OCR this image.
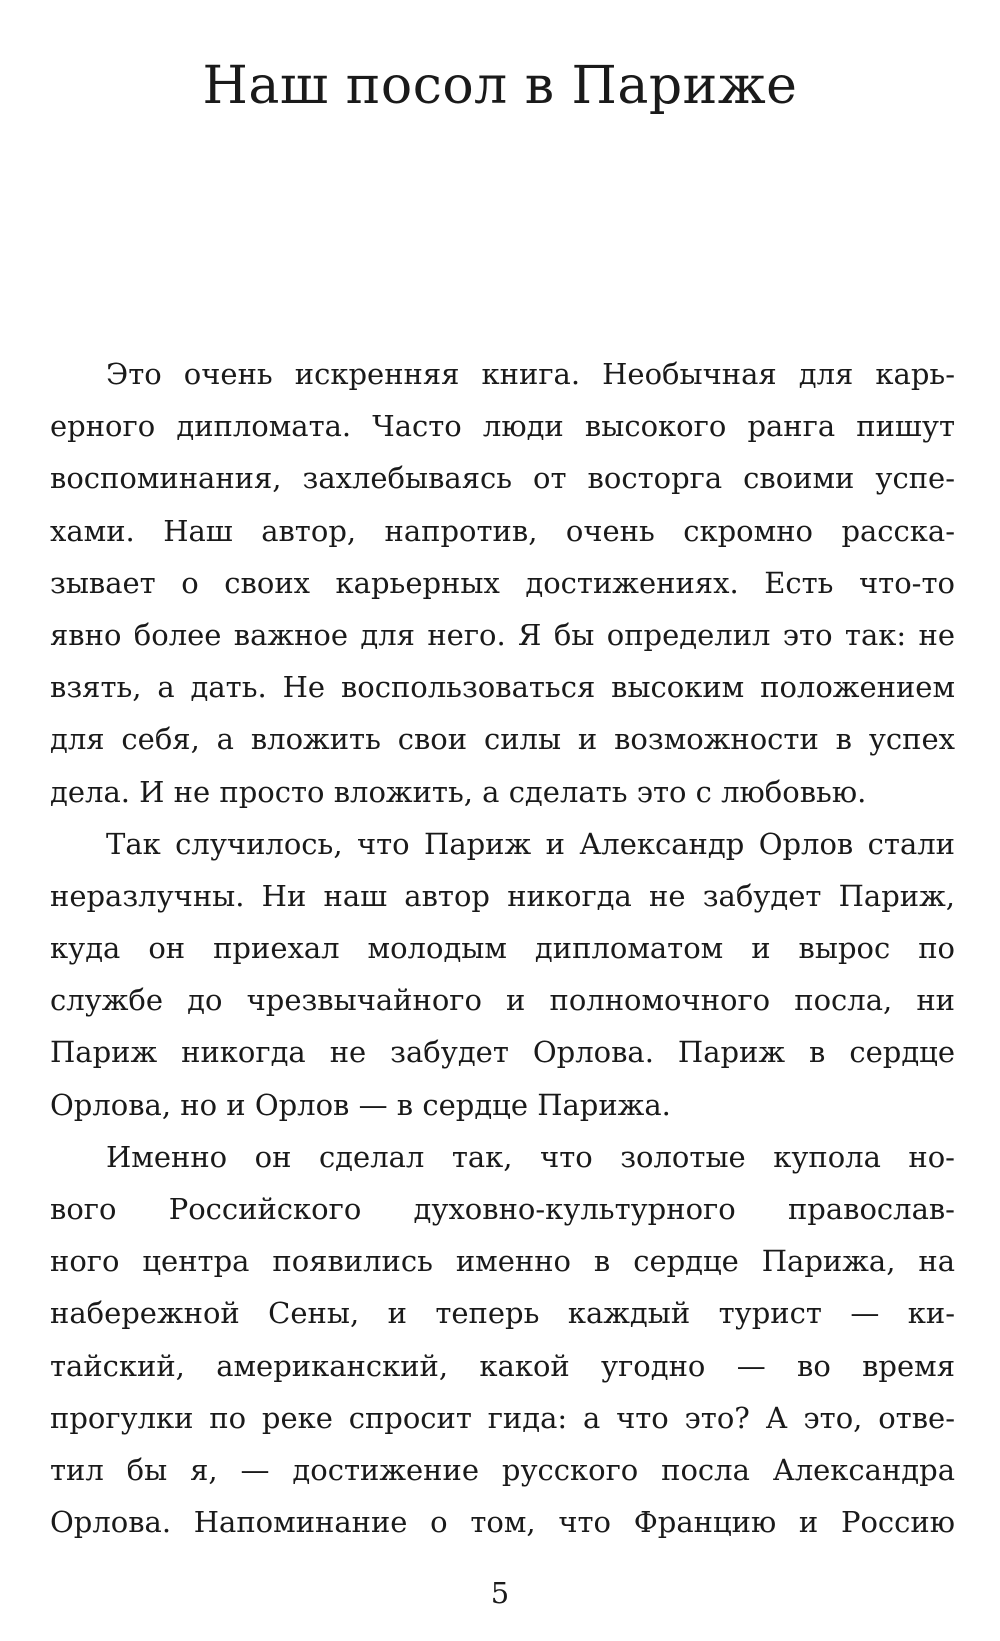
Наш посол в Париже
Это очень искренняя книга. Необычная для карь-
ерного дипломата. Часто люди высокого ранга пишут
воспоминания, захлебываясь от восторга своими успе-
хами. Наш автор, напротив, очень скромно расска-
зывает о своих карьерных достижениях. Есть что-то
явно более важное для него. Я бы определил это так: не
взять, а дать. Не воспользоваться высоким положением
для себя, а вложить свои силы и возможности в успех
дела. И не просто вложить, а сделать это с любовью.
Так случилось, что Париж и Александр Орлов стали
неразлучны. Ни наш автор никогда не забудет Париж,
куда он приехал молодым дипломатом и вырос по
службе до чрезвычайного и полномочного посла, ни
Париж никогда не забудет Орлова. Париж в сердце
Орлова, но и Орлов — в сердце Парижа.
Именно он сделал так, что золотые купола но-
вого Российского духовно-культурного православ-
ного центра появились именно в сердце Парижа, на
набережной Сены, и теперь каждый турист — ки-
тайский, американский, какой угодно — во время
прогулки по реке спросит гида: а что это? А это, отве-
тил бы я, — достижение русского посла Александра
Орлова. Напоминание о том, что Францию и Россию
5
